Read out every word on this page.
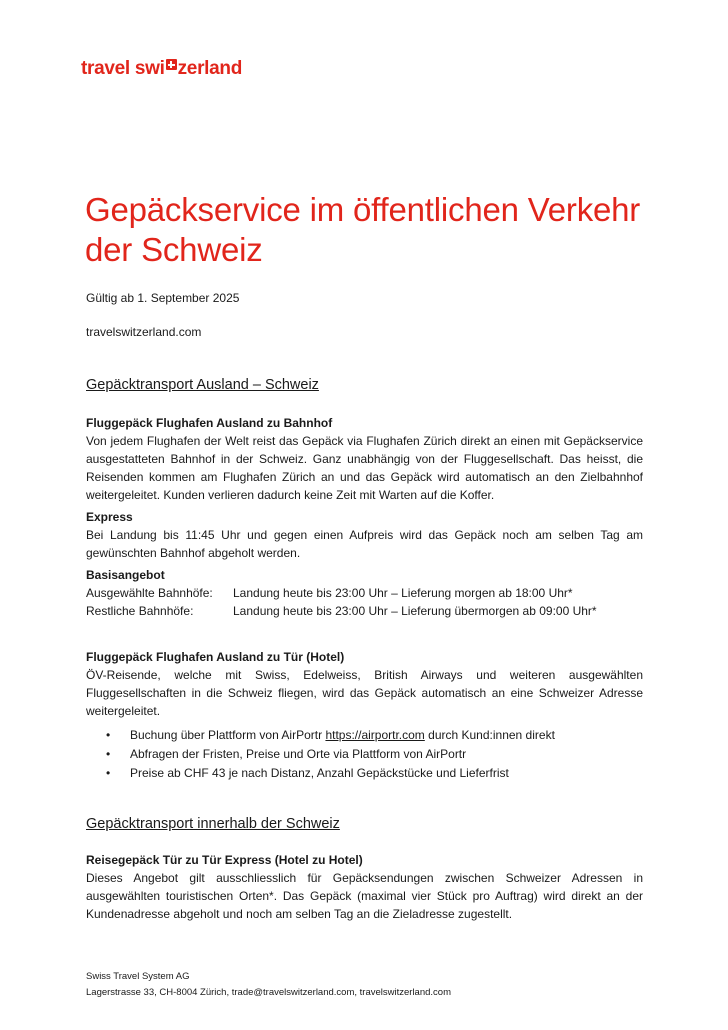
travel swi zerland
Gepäckservice im öffentlichen Verkehr der Schweiz
Gültig ab 1. September 2025
travelswitzerland.com

Gepäcktransport Ausland – Schweiz

Fluggepäck Flughafen Ausland zu Bahnhof

Von jedem Flughafen der Welt reist das Gepäck via Flughafen Zürich direkt an einen mit Gepäckservice ausgestatteten Bahnhof in der Schweiz. Ganz unabhängig von der Fluggesellschaft. Das heisst, die Reisenden kommen am Flughafen Zürich an und das Gepäck wird automatisch an den Zielbahnhof weitergeleitet. Kunden verlieren dadurch keine Zeit mit Warten auf die Koffer.

Express

Bei Landung bis 11:45 Uhr und gegen einen Aufpreis wird das Gepäck noch am selben Tag am gewünschten Bahnhof abgeholt werden.

Basisangebot

Ausgewählte Bahnhöfe:	Landung heute bis 23:00 Uhr – Lieferung morgen ab 18:00 Uhr*
Restliche Bahnhöfe:	Landung heute bis 23:00 Uhr – Lieferung übermorgen ab 09:00 Uhr*

Fluggepäck Flughafen Ausland zu Tür (Hotel)

ÖV-Reisende, welche mit Swiss, Edelweiss, British Airways und weiteren ausgewählten Fluggesellschaften in die Schweiz fliegen, wird das Gepäck automatisch an eine Schweizer Adresse weitergeleitet.

• Buchung über Plattform von AirPortr https://airportr.com durch Kund:innen direkt
• Abfragen der Fristen, Preise und Orte via Plattform von AirPortr
• Preise ab CHF 43 je nach Distanz, Anzahl Gepäckstücke und Lieferfrist

Gepäcktransport innerhalb der Schweiz

Reisegepäck Tür zu Tür Express (Hotel zu Hotel)

Dieses Angebot gilt ausschliesslich für Gepäcksendungen zwischen Schweizer Adressen in ausgewählten touristischen Orten*. Das Gepäck (maximal vier Stück pro Auftrag) wird direkt an der Kundenadresse abgeholt und noch am selben Tag an die Zieladresse zugestellt.

Swiss Travel System AG
Lagerstrasse 33, CH-8004 Zürich, trade@travelswitzerland.com, travelswitzerland.com
